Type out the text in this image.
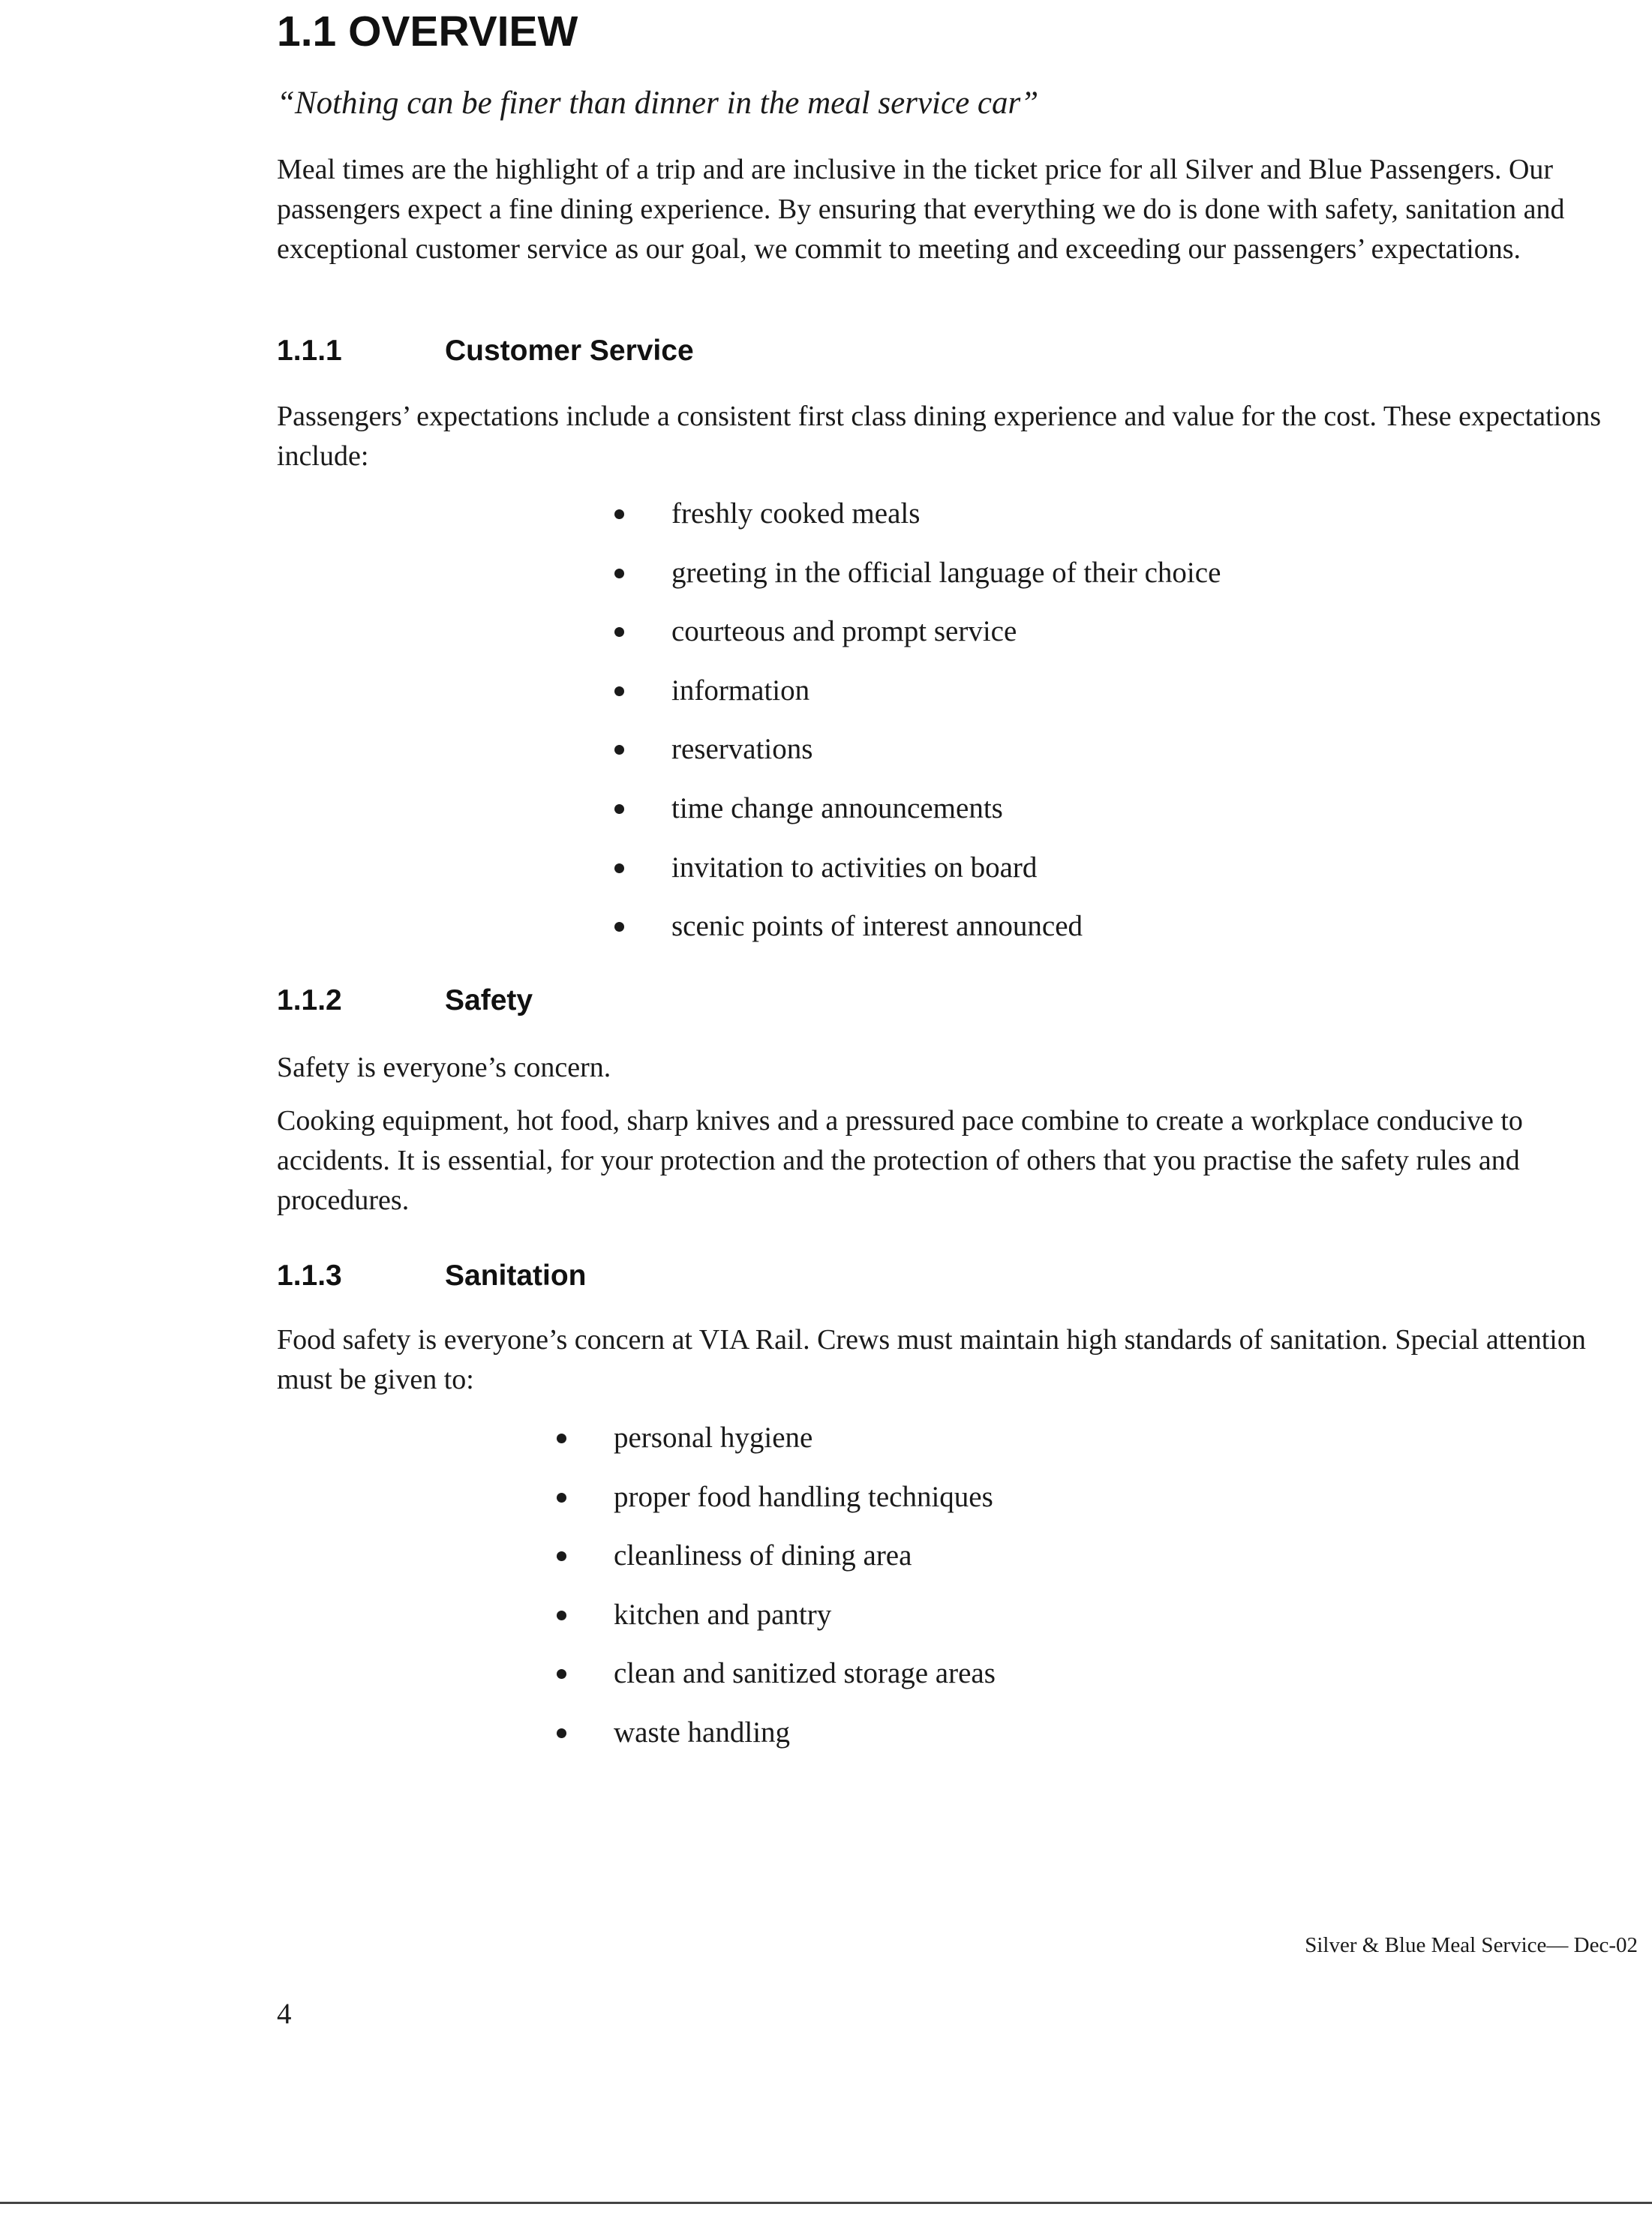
1.1 OVERVIEW

“Nothing can be finer than dinner in the meal service car”

Meal times are the highlight of a trip and are inclusive in the ticket price for all Silver and Blue Passengers. Our passengers expect a fine dining experience. By ensuring that everything we do is done with safety, sanitation and exceptional customer service as our goal, we commit to meeting and exceeding our passengers’ expectations.

1.1.1	Customer Service

Passengers’ expectations include a consistent first class dining experience and value for the cost. These expectations include:

freshly cooked meals
greeting in the official language of their choice
courteous and prompt service
information
reservations
time change announcements
invitation to activities on board
scenic points of interest announced
1.1.2	Safety

Safety is everyone’s concern.

Cooking equipment, hot food, sharp knives and a pressured pace combine to create a workplace conducive to accidents. It is essential, for your protection and the protection of others that you practise the safety rules and procedures.

1.1.3	Sanitation

Food safety is everyone’s concern at VIA Rail. Crews must maintain high standards of sanitation. Special attention must be given to:

personal hygiene
proper food handling techniques
cleanliness of dining area
kitchen and pantry
clean and sanitized storage areas
waste handling

Silver & Blue Meal Service— Dec-02

4
